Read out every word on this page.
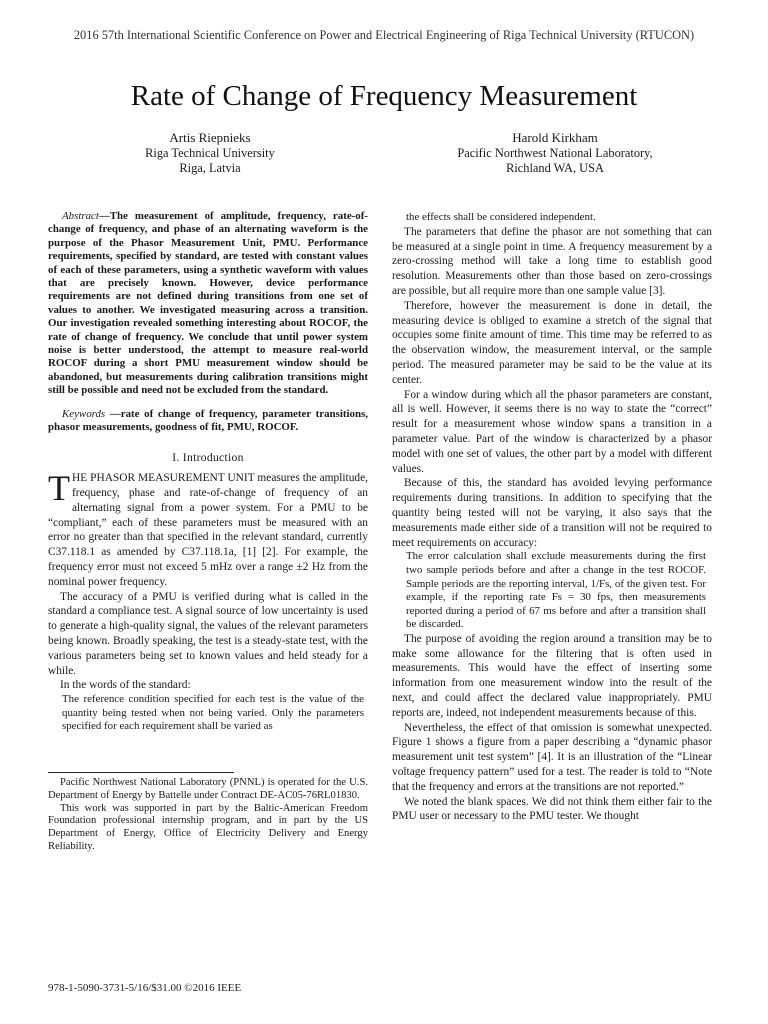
2016 57th International Scientific Conference on Power and Electrical Engineering of Riga Technical University (RTUCON)
Rate of Change of Frequency Measurement
Artis Riepnieks
Riga Technical University
Riga, Latvia
Harold Kirkham
Pacific Northwest National Laboratory,
Richland WA, USA

Abstract—The measurement of amplitude, frequency, rate-of-change of frequency, and phase of an alternating waveform is the purpose of the Phasor Measurement Unit, PMU. Performance requirements, specified by standard, are tested with constant values of each of these parameters, using a synthetic waveform with values that are precisely known. However, device performance requirements are not defined during transitions from one set of values to another. We investigated measuring across a transition. Our investigation revealed something interesting about ROCOF, the rate of change of frequency. We conclude that until power system noise is better understood, the attempt to measure real-world ROCOF during a short PMU measurement window should be abandoned, but measurements during calibration transitions might still be possible and need not be excluded from the standard.

Keywords —rate of change of frequency, parameter transitions, phasor measurements, goodness of fit, PMU, ROCOF.

I. Introduction

THE PHASOR MEASUREMENT UNIT measures the amplitude, frequency, phase and rate-of-change of frequency of an alternating signal from a power system. For a PMU to be “compliant,” each of these parameters must be measured with an error no greater than that specified in the relevant standard, currently C37.118.1 as amended by C37.118.1a, [1] [2]. For example, the frequency error must not exceed 5 mHz over a range ±2 Hz from the nominal power frequency.

The accuracy of a PMU is verified during what is called in the standard a compliance test. A signal source of low uncertainty is used to generate a high-quality signal, the values of the relevant parameters being known. Broadly speaking, the test is a steady-state test, with the various parameters being set to known values and held steady for a while.

In the words of the standard:

The reference condition specified for each test is the value of the quantity being tested when not being varied. Only the parameters specified for each requirement shall be varied as

Pacific Northwest National Laboratory (PNNL) is operated for the U.S. Department of Energy by Battelle under Contract DE-AC05-76RL01830.

This work was supported in part by the Baltic-American Freedom Foundation professional internship program, and in part by the US Department of Energy, Office of Electricity Delivery and Energy Reliability.

the effects shall be considered independent.

The parameters that define the phasor are not something that can be measured at a single point in time. A frequency measurement by a zero-crossing method will take a long time to establish good resolution. Measurements other than those based on zero-crossings are possible, but all require more than one sample value [3].

Therefore, however the measurement is done in detail, the measuring device is obliged to examine a stretch of the signal that occupies some finite amount of time. This time may be referred to as the observation window, the measurement interval, or the sample period. The measured parameter may be said to be the value at its center.

For a window during which all the phasor parameters are constant, all is well. However, it seems there is no way to state the “correct” result for a measurement whose window spans a transition in a parameter value. Part of the window is characterized by a phasor model with one set of values, the other part by a model with different values.

Because of this, the standard has avoided levying performance requirements during transitions. In addition to specifying that the quantity being tested will not be varying, it also says that the measurements made either side of a transition will not be required to meet requirements on accuracy:

The error calculation shall exclude measurements during the first two sample periods before and after a change in the test ROCOF. Sample periods are the reporting interval, 1/Fs, of the given test. For example, if the reporting rate Fs = 30 fps, then measurements reported during a period of 67 ms before and after a transition shall be discarded.

The purpose of avoiding the region around a transition may be to make some allowance for the filtering that is often used in measurements. This would have the effect of inserting some information from one measurement window into the result of the next, and could affect the declared value inappropriately. PMU reports are, indeed, not independent measurements because of this.

Nevertheless, the effect of that omission is somewhat unexpected. Figure 1 shows a figure from a paper describing a “dynamic phasor measurement unit test system” [4]. It is an illustration of the “Linear voltage frequency pattern” used for a test. The reader is told to “Note that the frequency and errors at the transitions are not reported.”

We noted the blank spaces. We did not think them either fair to the PMU user or necessary to the PMU tester. We thought

978-1-5090-3731-5/16/$31.00 ©2016 IEEE
